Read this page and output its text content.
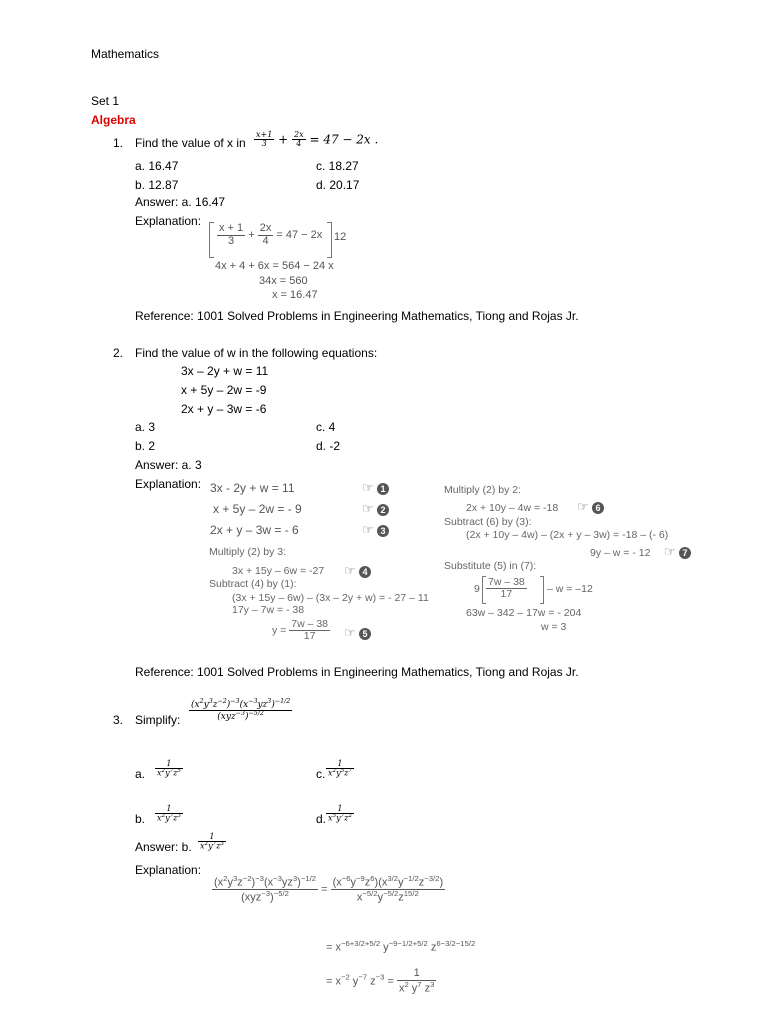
Mathematics
Set 1
Algebra
1. Find the value of x in $\frac{x+1}{3} + \frac{2x}{4} = 47 - 2x$ .
a. 16.47	c. 18.27
b. 12.87	d. 20.17
Answer: a. 16.47
Explanation:
$\frac{x + 1}{3} + \frac{2x}{4} = 47 - 2x$ 12
4x + 4 + 6x = 564 − 24 x
34x = 560
x = 16.47
Reference: 1001 Solved Problems in Engineering Mathematics, Tiong and Rojas Jr.
2. Find the value of w in the following equations:
3x – 2y + w = 11
x + 5y – 2w = -9
2x + y – 3w = -6
a. 3	c. 4
b. 2	d. -2
Answer: a. 3
Explanation: 3x - 2y + w = 11
x + 5y – 2w = - 9
2x + y – 3w = - 6
☞ 1
☞ 2
☞ 3
Multiply (2) by 3:
3x + 15y – 6w = -27 ☞ 4
Subtract (4) by (1):
(3x + 15y – 6w) – (3x – 2y + w) = - 27 – 11
17y – 7w = - 38
$y = \frac{7w - 38}{17}$ ☞ 5
Multiply (2) by 2:
2x + 10y – 4w = -18 ☞ 6
Subtract (6) by (3):
(2x + 10y – 4w) – (2x + y – 3w) = -18 – (- 6)
9y – w = - 12 ☞ 7
Substitute (5) in (7):
$9 \frac{7w - 38}{17} - w = -12$
63w – 342 – 17w = - 204
w = 3
Reference: 1001 Solved Problems in Engineering Mathematics, Tiong and Rojas Jr.
3. Simplify: $\frac{(x^2y^3z^{-2})^{-3}(x^{-3}yz^3)^{-1/2}}{(xyz^{-3})^{-5/2}}$
a. $\frac{1}{x^2y^7z^5}$	c. $\frac{1}{x^2y^5z^7}$
b. $\frac{1}{x^2y^7z^3}$	d. $\frac{1}{x^5y^7z^2}$
Answer: b. $\frac{1}{x^2y^7z^3}$
Explanation:
$\frac{(x^2y^3z^{-2})^{-3}(x^{-3}yz^3)^{-1/2}}{(xyz^{-3})^{-5/2}} = \frac{(x^{-6}y^{-9}z^6)(x^{3/2}y^{-1/2}z^{-3/2})}{x^{-5/2}y^{-5/2}z^{15/2}}$
= $x^{-6+3/2+5/2}$ $y^{-9-1/2+5/2}$ $z^{6-3/2-15/2}$
= $x^{-2}$ $y^{-7}$ $z^{-3} = \frac{1}{x^2 y^7 z^3}$
